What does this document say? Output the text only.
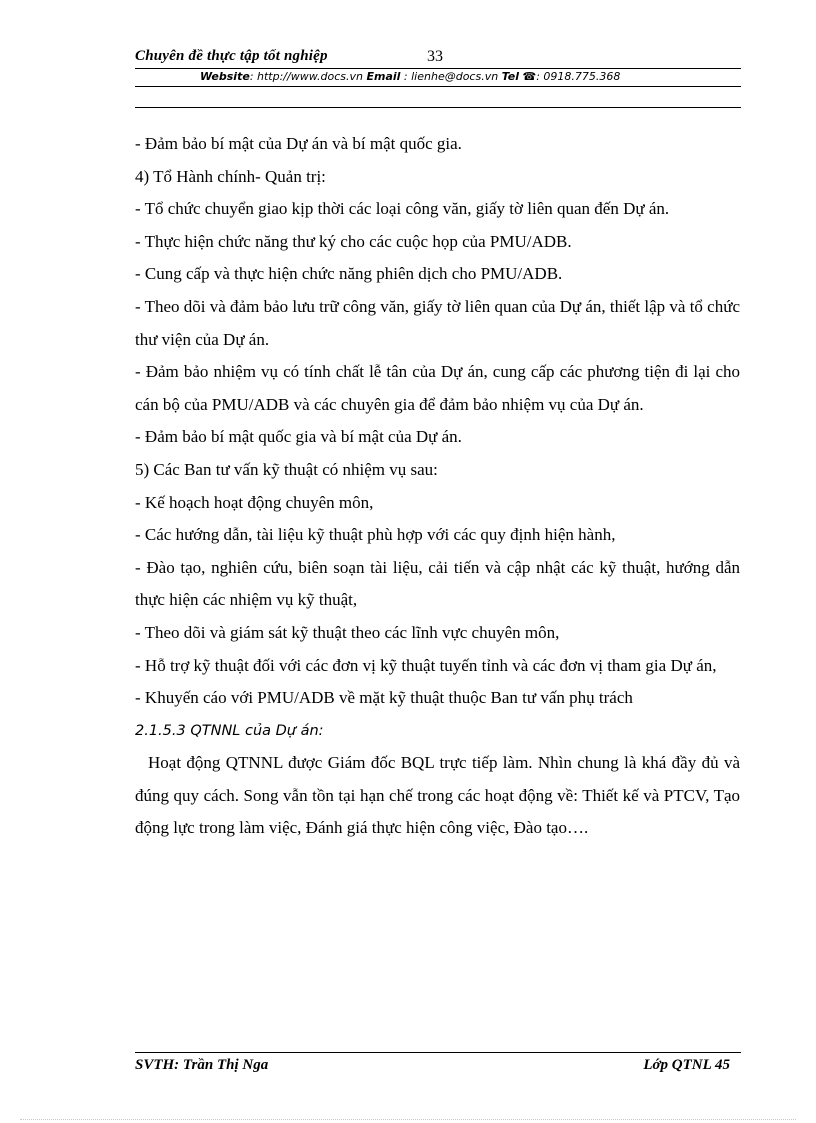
Chuyên đề thực tập tốt nghiệp	33
Website: http://www.docs.vn Email : lienhe@docs.vn Tel ☎: 0918.775.368

- Đảm bảo bí mật của Dự án và bí mật quốc gia.

4) Tổ Hành chính- Quản trị:

- Tổ chức chuyển giao kịp thời các loại công văn, giấy tờ liên quan đến Dự án.

- Thực hiện chức năng thư ký cho các cuộc họp của PMU/ADB.

- Cung cấp và thực hiện chức năng phiên dịch cho PMU/ADB.

- Theo dõi và đảm bảo lưu trữ công văn, giấy tờ liên quan của Dự án, thiết lập và tổ chức thư viện của Dự án.

- Đảm bảo nhiệm vụ có tính chất lễ tân của Dự án, cung cấp các phương tiện đi lại cho cán bộ của PMU/ADB và các chuyên gia để đảm bảo nhiệm vụ của Dự án.

- Đảm bảo bí mật quốc gia và bí mật của Dự án.

5) Các Ban tư vấn kỹ thuật có nhiệm vụ sau:

- Kế hoạch hoạt động chuyên môn,

- Các hướng dẫn, tài liệu kỹ thuật phù hợp với các quy định hiện hành,

- Đào tạo, nghiên cứu, biên soạn tài liệu, cải tiến và cập nhật các kỹ thuật, hướng dẫn thực hiện các nhiệm vụ kỹ thuật,

- Theo dõi và giám sát kỹ thuật theo các lĩnh vực chuyên môn,

- Hỗ trợ kỹ thuật đối với các đơn vị kỹ thuật tuyến tỉnh và các đơn vị tham gia Dự án,

- Khuyến cáo với PMU/ADB về mặt kỹ thuật thuộc Ban tư vấn phụ trách

2.1.5.3 QTNNL của Dự án:

Hoạt động QTNNL được Giám đốc BQL trực tiếp làm. Nhìn chung là khá đầy đủ và đúng quy cách. Song vẫn tồn tại hạn chế trong các hoạt động về: Thiết kế và PTCV, Tạo động lực trong làm việc, Đánh giá thực hiện công việc, Đào tạo….

SVTH: Trần Thị Nga	Lớp QTNL 45
